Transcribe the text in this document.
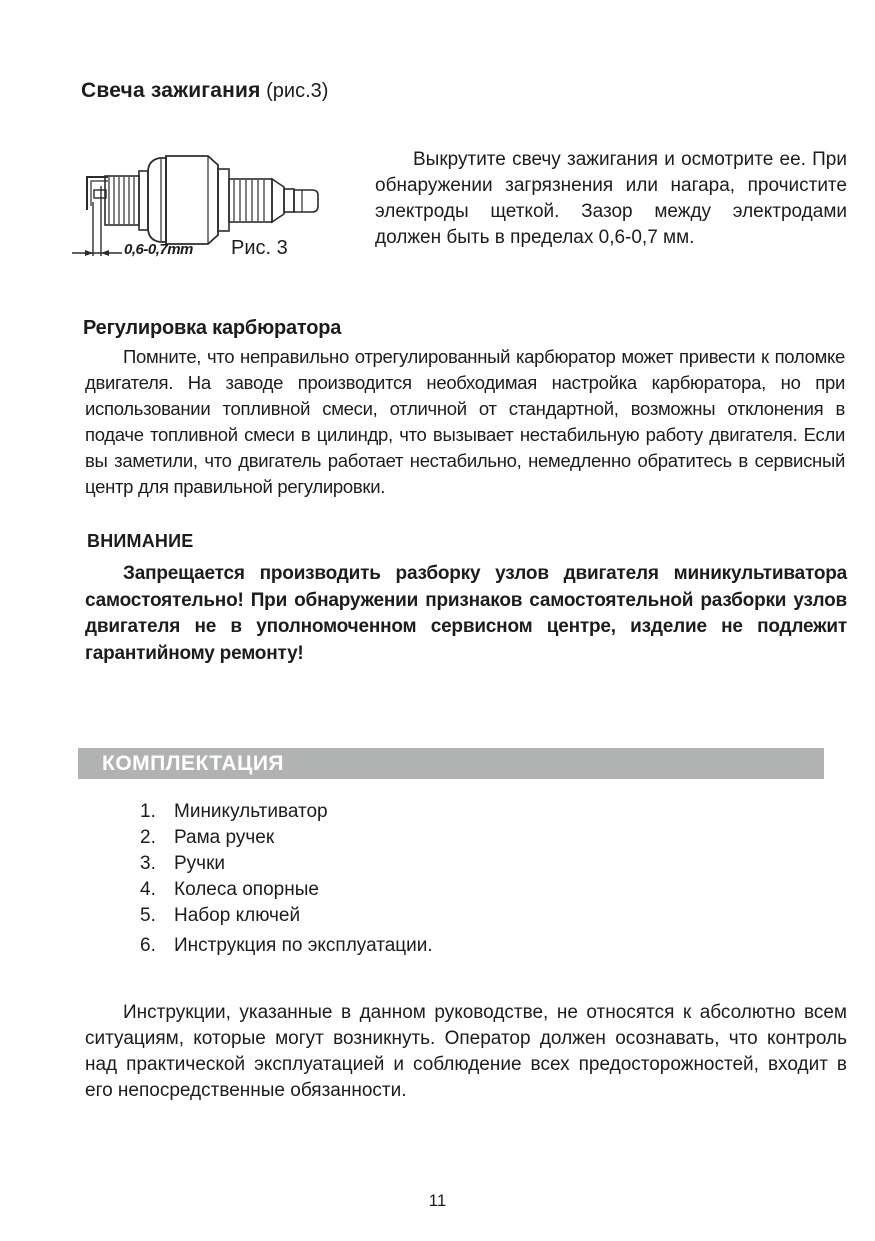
Свеча зажигания (рис.3)
0,6-0,7mm Рис. 3
Выкрутите свечу зажигания и осмотрите ее. При обнаружении загрязнения или нагара, прочистите электроды щеткой. Зазор между электродами должен быть в пределах 0,6-0,7 мм.
Регулировка карбюратора
Помните, что неправильно отрегулированный карбюратор может привести к поломке двигателя. На заводе производится необходимая настройка карбюратора, но при использовании топливной смеси, отличной от стандартной, возможны отклонения в подаче топливной смеси в цилиндр, что вызывает нестабильную работу двигателя. Если вы заметили, что двигатель работает нестабильно, немедленно обратитесь в сервисный центр для правильной регулировки.
ВНИМАНИЕ
Запрещается производить разборку узлов двигателя миникультиватора самостоятельно! При обнаружении признаков самостоятельной разборки узлов двигателя не в уполномоченном сервисном центре, изделие не подлежит гарантийному ремонту!
КОМПЛЕКТАЦИЯ
1. Миникультиватор
2. Рама ручек
3. Ручки
4. Колеса опорные
5. Набор ключей
6. Инструкция по эксплуатации.
Инструкции, указанные в данном руководстве, не относятся к абсолютно всем ситуациям, которые могут возникнуть. Оператор должен осознавать, что контроль над практической эксплуатацией и соблюдение всех предосторожностей, входит в его непосредственные обязанности.
11
